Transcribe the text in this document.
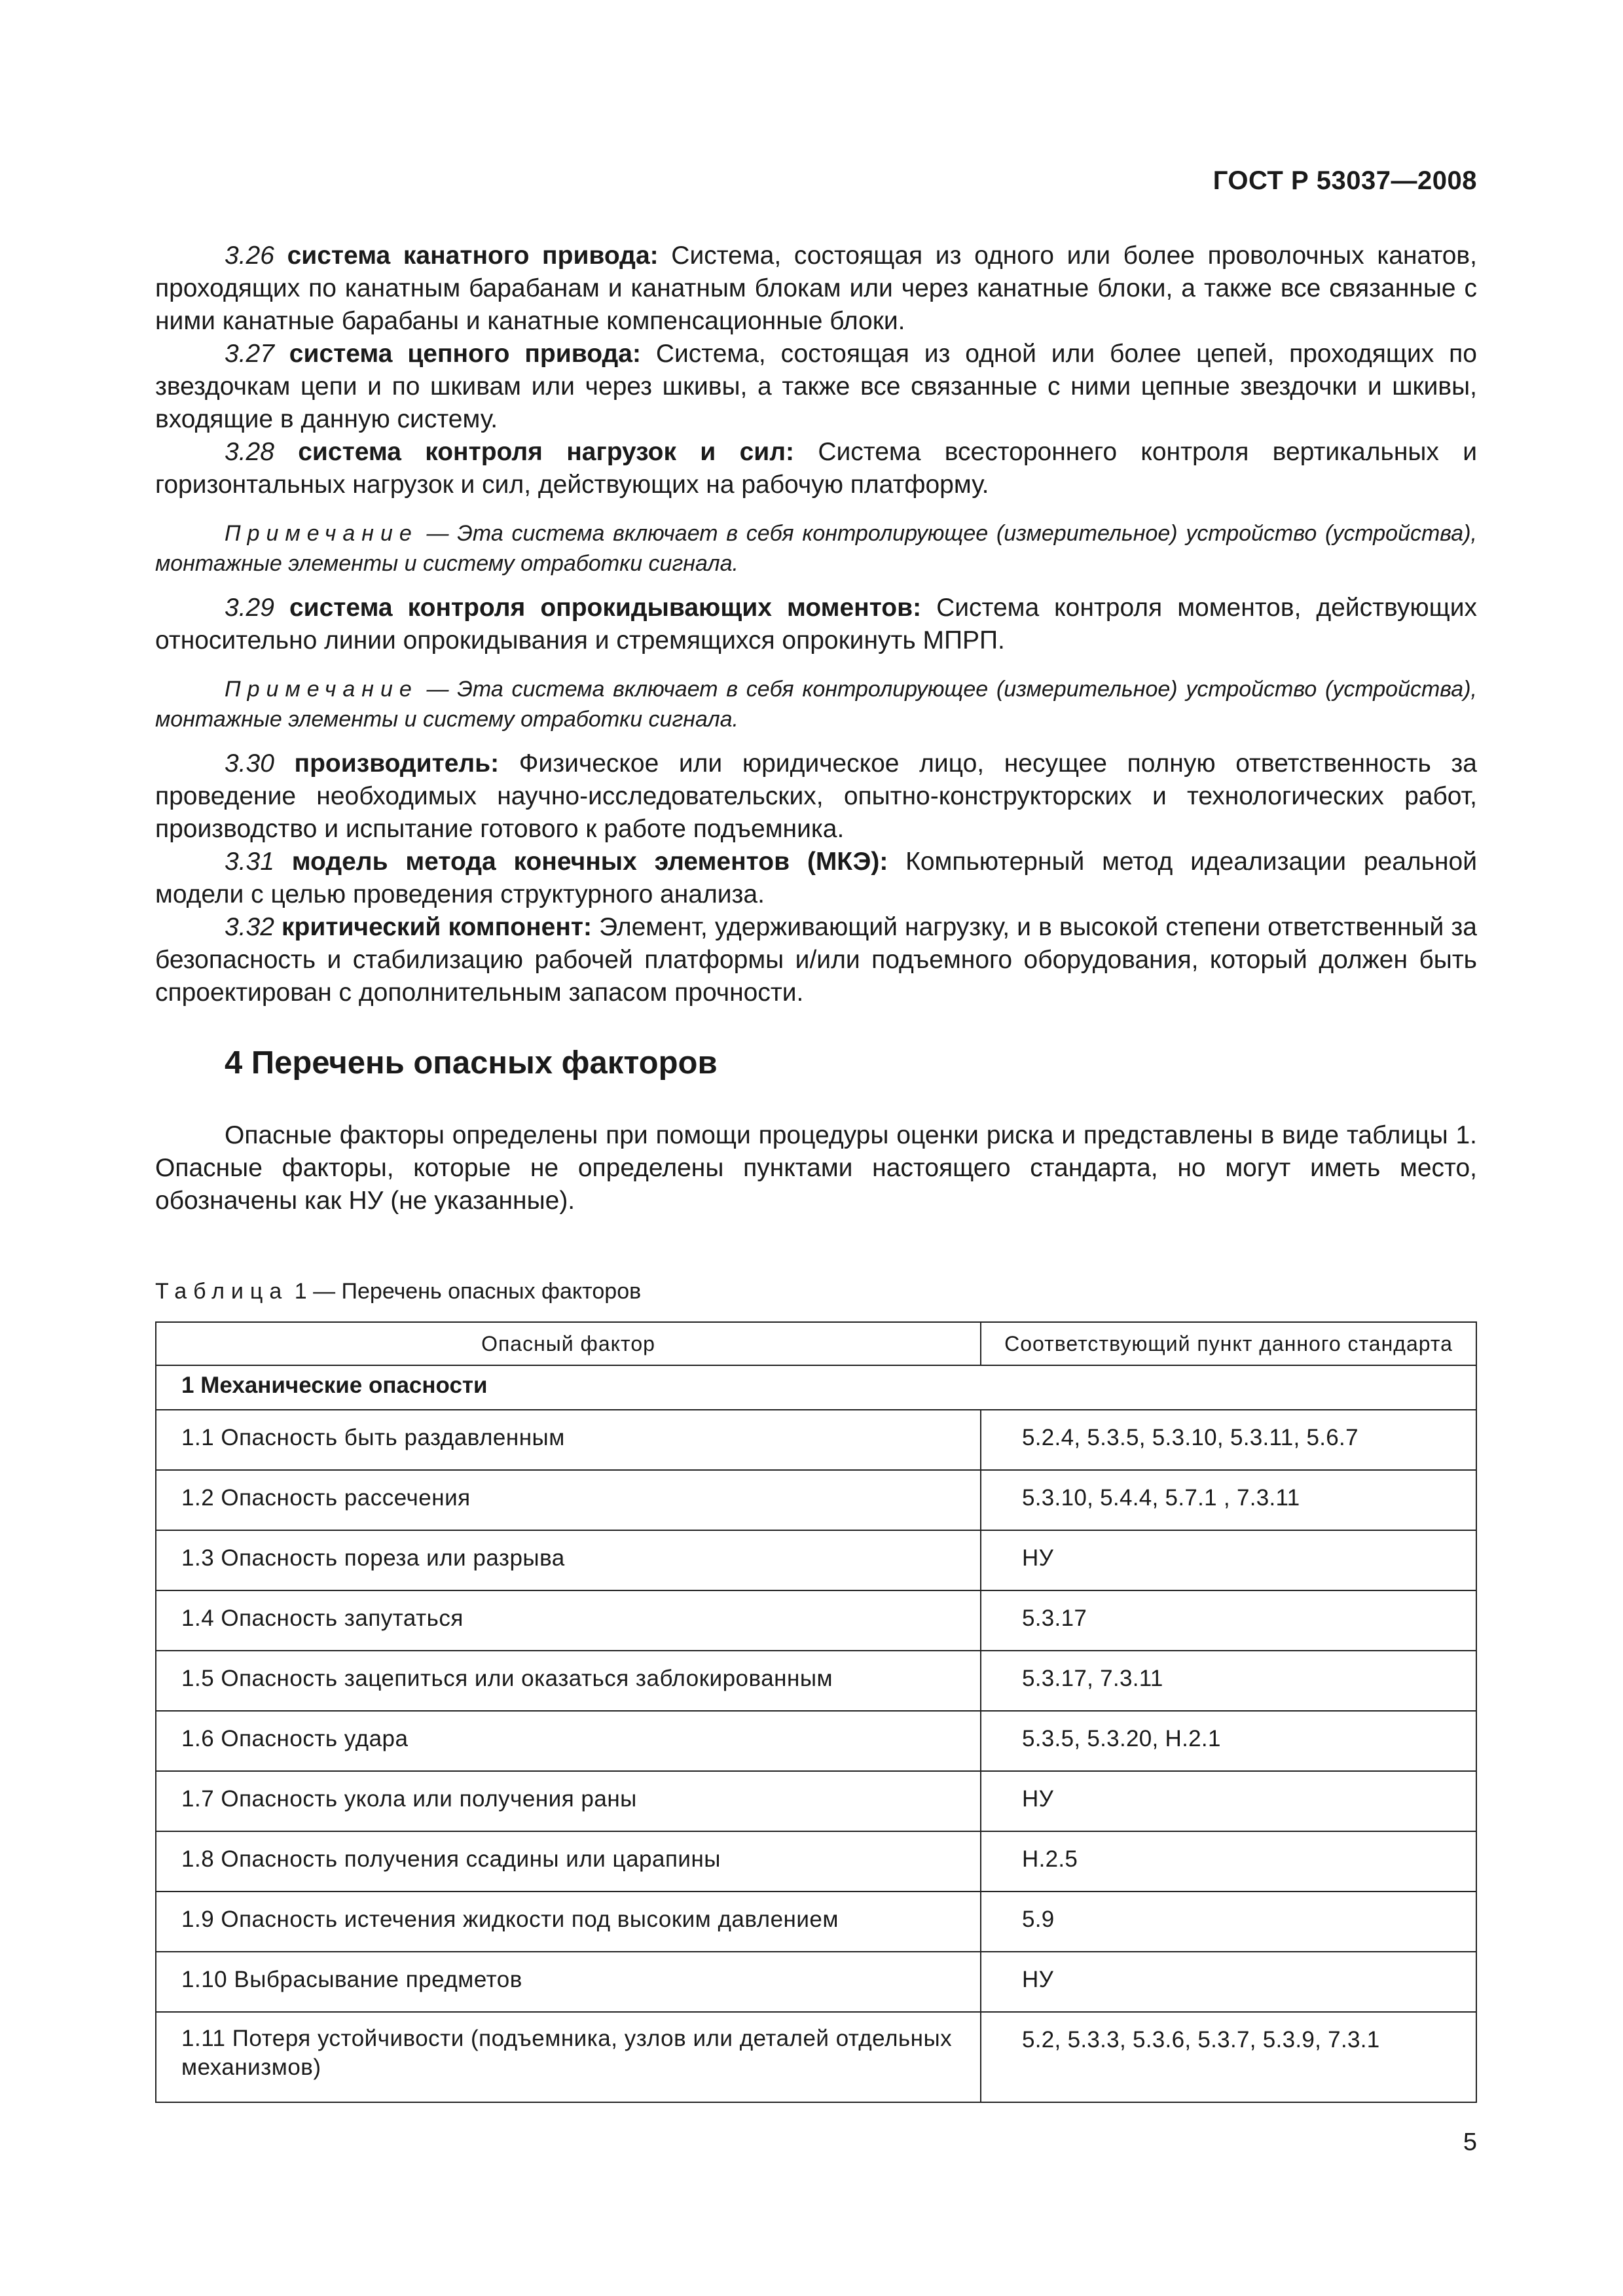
ГОСТ Р 53037—2008

3.26 система канатного привода: Система, состоящая из одного или более проволочных канатов, проходящих по канатным барабанам и канатным блокам или через канатные блоки, а также все связанные с ними канатные барабаны и канатные компенсационные блоки.

3.27 система цепного привода: Система, состоящая из одной или более цепей, проходящих по звездочкам цепи и по шкивам или через шкивы, а также все связанные с ними цепные звездочки и шкивы, входящие в данную систему.

3.28 система контроля нагрузок и сил: Система всестороннего контроля вертикальных и горизонтальных нагрузок и сил, действующих на рабочую платформу.

Примечание — Эта система включает в себя контролирующее (измерительное) устройство (устройства), монтажные элементы и систему отработки сигнала.

3.29 система контроля опрокидывающих моментов: Система контроля моментов, действующих относительно линии опрокидывания и стремящихся опрокинуть МПРП.

Примечание — Эта система включает в себя контролирующее (измерительное) устройство (устройства), монтажные элементы и систему отработки сигнала.

3.30 производитель: Физическое или юридическое лицо, несущее полную ответственность за проведение необходимых научно-исследовательских, опытно-конструкторских и технологических работ, производство и испытание готового к работе подъемника.

3.31 модель метода конечных элементов (МКЭ): Компьютерный метод идеализации реальной модели с целью проведения структурного анализа.

3.32 критический компонент: Элемент, удерживающий нагрузку, и в высокой степени ответственный за безопасность и стабилизацию рабочей платформы и/или подъемного оборудования, который должен быть спроектирован с дополнительным запасом прочности.

4 Перечень опасных факторов

Опасные факторы определены при помощи процедуры оценки риска и представлены в виде таблицы 1. Опасные факторы, которые не определены пунктами настоящего стандарта, но могут иметь место, обозначены как НУ (не указанные).

Таблица 1 — Перечень опасных факторов
Опасный фактор	Соответствующий пункт данного стандарта
1 Механические опасности	
1.1 Опасность быть раздавленным	5.2.4, 5.3.5, 5.3.10, 5.3.11, 5.6.7
1.2 Опасность рассечения	5.3.10, 5.4.4, 5.7.1 , 7.3.11
1.3 Опасность пореза или разрыва	НУ
1.4 Опасность запутаться	5.3.17
1.5 Опасность зацепиться или оказаться заблокированным	5.3.17, 7.3.11
1.6 Опасность удара	5.3.5, 5.3.20, H.2.1
1.7 Опасность укола или получения раны	НУ
1.8 Опасность получения ссадины или царапины	H.2.5
1.9 Опасность истечения жидкости под высоким давлением	5.9
1.10 Выбрасывание предметов	НУ
1.11 Потеря устойчивости (подъемника, узлов или деталей отдельных механизмов)	5.2, 5.3.3, 5.3.6, 5.3.7, 5.3.9, 7.3.1
5
